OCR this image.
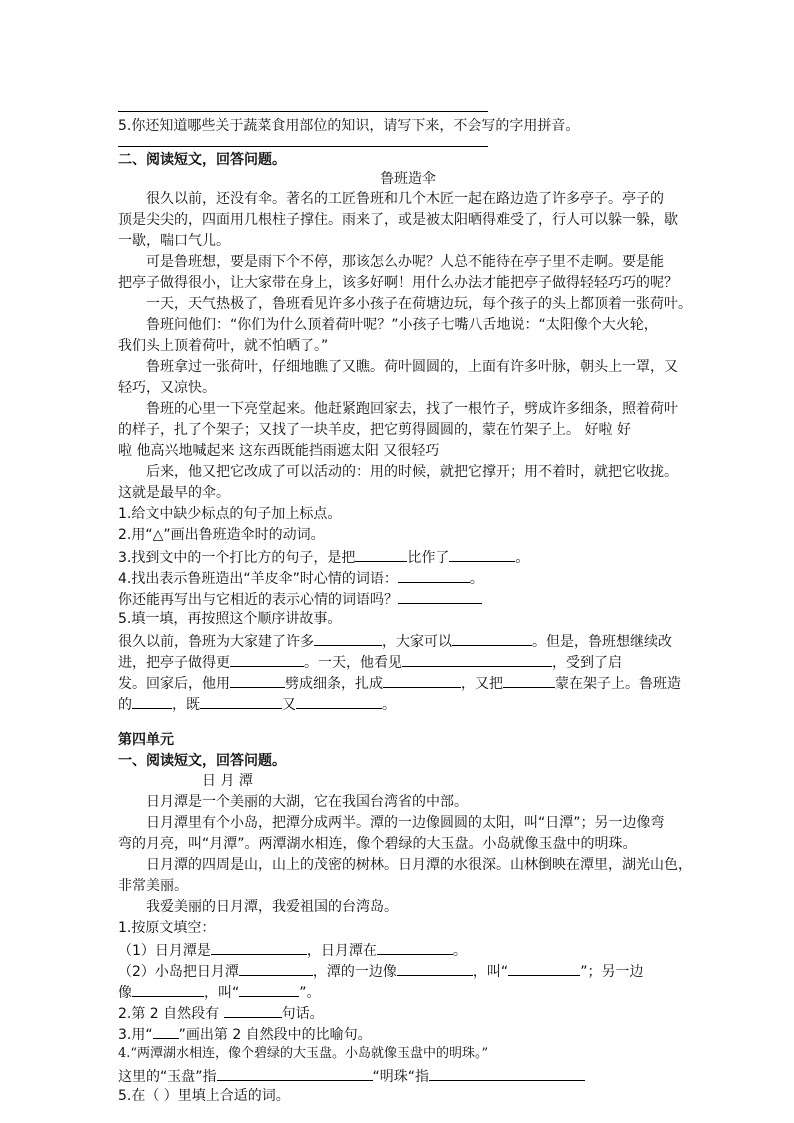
5.你还知道哪些关于蔬菜食用部位的知识，请写下来，不会写的字用拼音。
二、阅读短文，回答问题。
鲁班造伞
很久以前，还没有伞。著名的工匠鲁班和几个木匠一起在路边造了许多亭子。亭子的
顶是尖尖的，四面用几根柱子撑住。雨来了，或是被太阳晒得难受了，行人可以躲一躲，歇
一歇，喘口气儿。
可是鲁班想，要是雨下个不停，那该怎么办呢？人总不能待在亭子里不走啊。要是能
把亭子做得很小，让大家带在身上，该多好啊！用什么办法才能把亭子做得轻轻巧巧的呢？
一天，天气热极了，鲁班看见许多小孩子在荷塘边玩，每个孩子的头上都顶着一张荷叶。
鲁班问他们：“你们为什么顶着荷叶呢？”小孩子七嘴八舌地说：“太阳像个大火轮，
我们头上顶着荷叶，就不怕晒了。”
鲁班拿过一张荷叶，仔细地瞧了又瞧。荷叶圆圆的，上面有许多叶脉，朝头上一罩，又
轻巧，又凉快。
鲁班的心里一下亮堂起来。他赶紧跑回家去，找了一根竹子，劈成许多细条，照着荷叶
的样子，扎了个架子；又找了一块羊皮，把它剪得圆圆的，蒙在竹架子上。 好啦 好
啦 他高兴地喊起来 这东西既能挡雨遮太阳 又很轻巧
后来，他又把它改成了可以活动的：用的时候，就把它撑开；用不着时，就把它收拢。
这就是最早的伞。
1.给文中缺少标点的句子加上标点。
2.用“△”画出鲁班造伞时的动词。
3.找到文中的一个打比方的句子，是把	比作了	。
4.找出表示鲁班造出“羊皮伞”时心情的词语：	。
你还能再写出与它相近的表示心情的词语吗？
5.填一填，再按照这个顺序讲故事。
很久以前，鲁班为大家建了许多	，大家可以	。但是，鲁班想继续改
进，把亭子做得更	。一天，他看见	，受到了启
发。回家后，他用	劈成细条，扎成	，又把	蒙在架子上。鲁班造
的	，既	又	。
第四单元
一、阅读短文，回答问题。
日 月 潭
日月潭是一个美丽的大湖，它在我国台湾省的中部。
日月潭里有个小岛，把潭分成两半。潭的一边像圆圆的太阳，叫“日潭”；另一边像弯
弯的月亮，叫“月潭”。两潭湖水相连，像个碧绿的大玉盘。小岛就像玉盘中的明珠。
日月潭的四周是山，山上的茂密的树林。日月潭的水很深。山林倒映在潭里，湖光山色，
非常美丽。
我爱美丽的日月潭，我爱祖国的台湾岛。
1.按原文填空：
（1）日月潭是	，日月潭在	。
（2）小岛把日月潭	，潭的一边像	，叫“	”；另一边
像	，叫“	”。
2.第 2 自然段有	句话。
3.用“ ”画出第 2 自然段中的比喻句。
4.“两潭湖水相连，像个碧绿的大玉盘。小岛就像玉盘中的明珠。”
这里的“玉盘”指	“明珠“指
5.在（ ）里填上合适的词。
